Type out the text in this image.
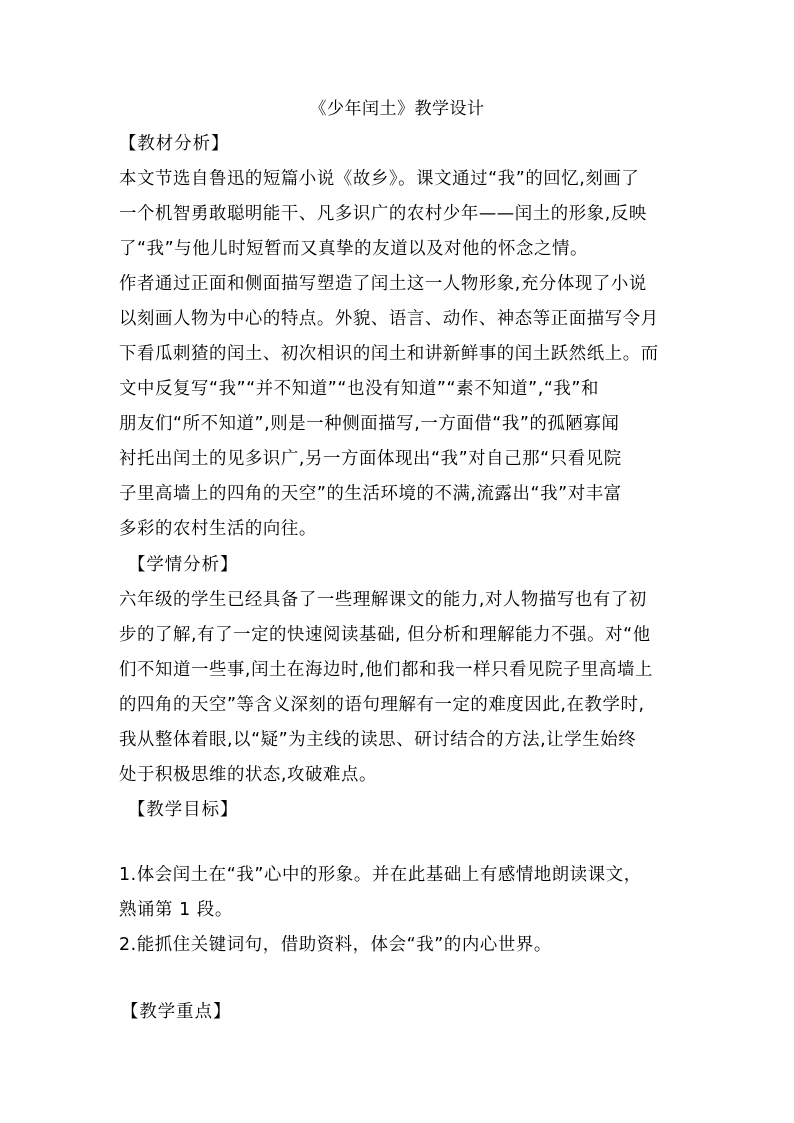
《少年闰土》教学设计
【教材分析】
本文节选自鲁迅的短篇小说《故乡》。课文通过“我”的回忆,刻画了
一个机智勇敢聪明能干、凡多识广的农村少年——闰土的形象,反映
了“我”与他儿时短暂而又真挚的友道以及对他的怀念之情。
作者通过正面和侧面描写塑造了闰土这一人物形象,充分体现了小说
以刻画人物为中心的特点。外貌、语言、动作、神态等正面描写令月
下看瓜刺猹的闰土、初次相识的闰土和讲新鲜事的闰土跃然纸上。而
文中反复写“我”“并不知道”“也没有知道”“素不知道”,“我”和
朋友们“所不知道”,则是一种侧面描写,一方面借“我”的孤陋寡闻
衬托出闰土的见多识广,另一方面体现出“我”对自己那“只看见院
子里高墙上的四角的天空”的生活环境的不满,流露出“我”对丰富
多彩的农村生活的向往。
【学情分析】
六年级的学生已经具备了一些理解课文的能力,对人物描写也有了初
步的了解,有了一定的快速阅读基础, 但分析和理解能力不强。对“他
们不知道一些事,闰土在海边时,他们都和我一样只看见院子里高墙上
的四角的天空”等含义深刻的语句理解有一定的难度因此,在教学时,
我从整体着眼,以“疑”为主线的读思、研讨结合的方法,让学生始终
处于积极思维的状态,攻破难点。
【教学目标】
1.体会闰土在“我”心中的形象。并在此基础上有感情地朗读课文，
熟诵第 1 段。
2.能抓住关键词句，借助资料，体会“我”的内心世界。
【教学重点】
